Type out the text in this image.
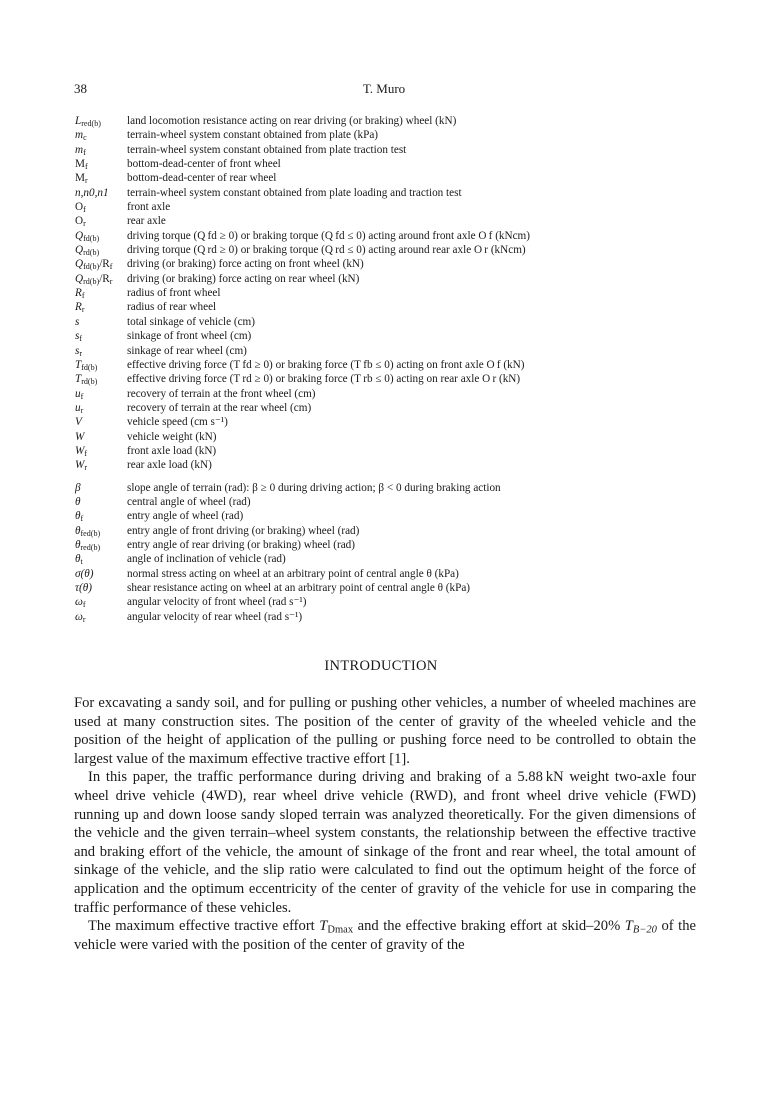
38	T. Muro
$L_{red(b)}$	land locomotion resistance acting on rear driving (or braking) wheel (kN)
$m_c$	terrain-wheel system constant obtained from plate (kPa)
$m_f$	terrain-wheel system constant obtained from plate traction test
$M_f$	bottom-dead-center of front wheel
$M_r$	bottom-dead-center of rear wheel
n,n0,n1	terrain-wheel system constant obtained from plate loading and traction test
$O_f$	front axle
$O_r$	rear axle
$Q_{fd(b)}$	driving torque (Q fd ≥ 0) or braking torque (Q fd ≤ 0) acting around front axle O f (kNcm)
$Q_{rd(b)}$	driving torque (Q rd ≥ 0) or braking torque (Q rd ≤ 0) acting around rear axle O r (kNcm)
$Q_{fd(b)}/R_f$	driving (or braking) force acting on front wheel (kN)
$Q_{rd(b)}/R_r$	driving (or braking) force acting on rear wheel (kN)
$R_f$	radius of front wheel
$R_r$	radius of rear wheel
s	total sinkage of vehicle (cm)
$s_f$	sinkage of front wheel (cm)
$s_r$	sinkage of rear wheel (cm)
$T_{fd(b)}$	effective driving force (T fd ≥ 0) or braking force (T fb ≤ 0) acting on front axle O f (kN)
$T_{rd(b)}$	effective driving force (T rd ≥ 0) or braking force (T rb ≤ 0) acting on rear axle O r (kN)
$u_f$	recovery of terrain at the front wheel (cm)
$u_r$	recovery of terrain at the rear wheel (cm)
V	vehicle speed (cm s⁻¹)
W	vehicle weight (kN)
$W_f$	front axle load (kN)
$W_r$	rear axle load (kN)
β	slope angle of terrain (rad): β ≥ 0 during driving action; β < 0 during braking action
θ	central angle of wheel (rad)
$\theta_f$	entry angle of wheel (rad)
$\theta_{fed(b)}$	entry angle of front driving (or braking) wheel (rad)
$\theta_{red(b)}$	entry angle of rear driving (or braking) wheel (rad)
$\theta_t$	angle of inclination of vehicle (rad)
σ(θ)	normal stress acting on wheel at an arbitrary point of central angle θ (kPa)
τ(θ)	shear resistance acting on wheel at an arbitrary point of central angle θ (kPa)
$\omega_f$	angular velocity of front wheel (rad s⁻¹)
$\omega_r$	angular velocity of rear wheel (rad s⁻¹)
INTRODUCTION

For excavating a sandy soil, and for pulling or pushing other vehicles, a number of wheeled machines are used at many construction sites. The position of the center of gravity of the wheeled vehicle and the position of the height of application of the pulling or pushing force need to be controlled to obtain the largest value of the maximum effective tractive effort [1].

In this paper, the traffic performance during driving and braking of a 5.88 kN weight two-axle four wheel drive vehicle (4WD), rear wheel drive vehicle (RWD), and front wheel drive vehicle (FWD) running up and down loose sandy sloped terrain was analyzed theoretically. For the given dimensions of the vehicle and the given terrain–wheel system constants, the relationship between the effective tractive and braking effort of the vehicle, the amount of sinkage of the front and rear wheel, the total amount of sinkage of the vehicle, and the slip ratio were calculated to find out the optimum height of the force of application and the optimum eccentricity of the center of gravity of the vehicle for use in comparing the traffic performance of these vehicles.

The maximum effective tractive effort $T_{Dmax}$ and the effective braking effort at skid–20% $T_{B-20}$ of the vehicle were varied with the position of the center of gravity of the
